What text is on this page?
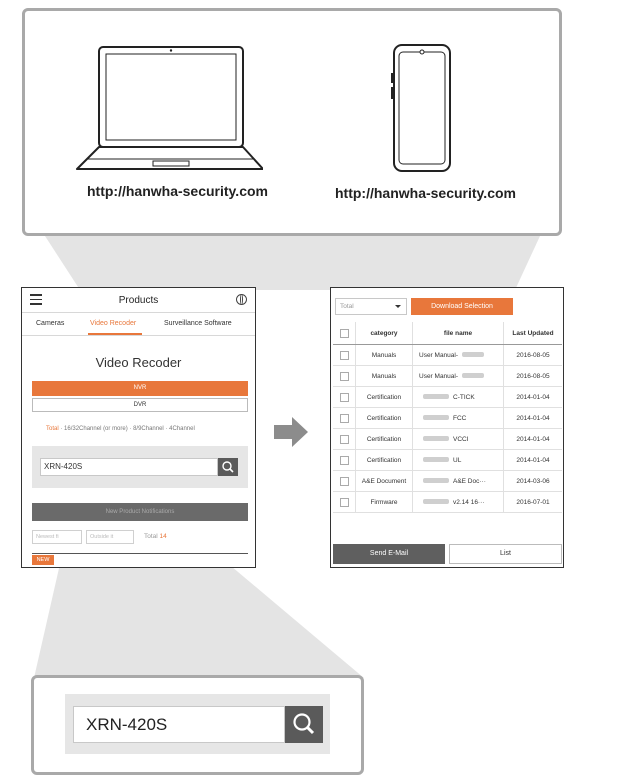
http://hanwha-security.com	http://hanwha-security.com
Products
Cameras	Video Recoder	Surveillance Software
Video Recoder
NVR
DVR
Total · 16/32Channel (or more) · 8/9Channel · 4Channel
XRN-420S
New Product Notifications
Newest fi	Outside it	Total 14
NEW
Total	Download Selection
	category	file name	Last Updated
	Manuals	User Manual-	2016-08-05
	Manuals	User Manual-	2016-08-05
	Certification	C-TICK	2014-01-04
	Certification	FCC	2014-01-04
	Certification	VCCI	2014-01-04
	Certification	UL	2014-01-04
	A&E Document	A&E Doc···	2014-03-06
	Firmware	v2.14 16···	2016-07-01
Send E-Mail	List
XRN-420S
